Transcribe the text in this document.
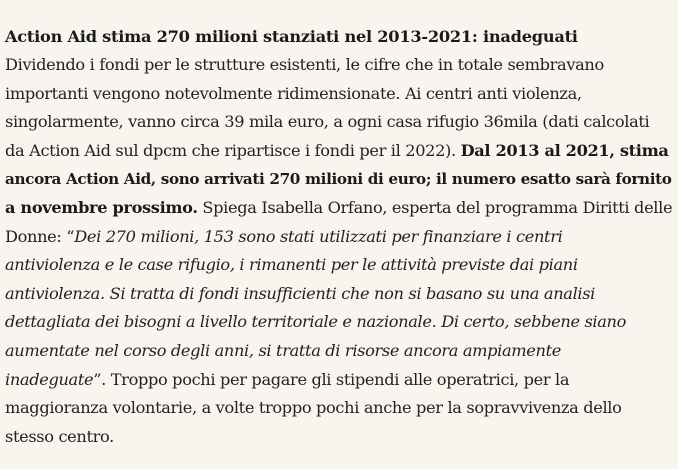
Action Aid stima 270 milioni stanziati nel 2013-2021: inadeguati

Dividendo i fondi per le strutture esistenti, le cifre che in totale sembravano
importanti vengono notevolmente ridimensionate. Ai centri anti violenza,
singolarmente, vanno circa 39 mila euro, a ogni casa rifugio 36mila (dati calcolati
da Action Aid sul dpcm che ripartisce i fondi per il 2022). Dal 2013 al 2021, stima
ancora Action Aid, sono arrivati 270 milioni di euro; il numero esatto sarà fornito
a novembre prossimo. Spiega Isabella Orfano, esperta del programma Diritti delle
Donne: “Dei 270 milioni, 153 sono stati utilizzati per finanziare i centri
antiviolenza e le case rifugio, i rimanenti per le attività previste dai piani
antiviolenza. Si tratta di fondi insufficienti che non si basano su una analisi
dettagliata dei bisogni a livello territoriale e nazionale. Di certo, sebbene siano
aumentate nel corso degli anni, si tratta di risorse ancora ampiamente
inadeguate”. Troppo pochi per pagare gli stipendi alle operatrici, per la
maggioranza volontarie, a volte troppo pochi anche per la sopravvivenza dello
stesso centro.
